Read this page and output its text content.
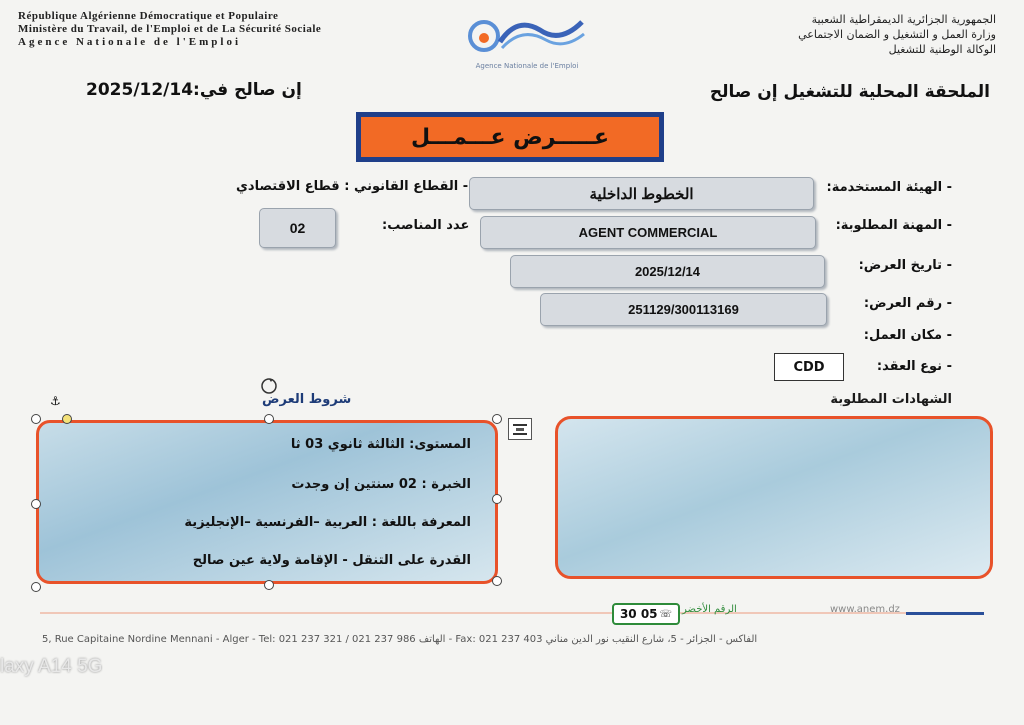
République Algérienne Démocratique et Populaire
Ministère du Travail, de l'Emploi et de La Sécurité Sociale
Agence Nationale de l'Emploi
Agence Nationale de l'Emploi
الجمهورية الجزائرية الديمقراطية الشعبية
وزارة العمل و التشغيل و الضمان الاجتماعي
الوكالة الوطنية للتشغيل
إن صالح في:2025/12/14	الملحقة المحلية للتشغيل إن صالح
عـــــرض عـــمـــل
- الهيئة المستخدمة:
الخطوط الداخلية
- القطاع القانوني : قطاع الاقتصادي
- المهنة المطلوبة:
AGENT COMMERCIAL
عدد المناصب:
02
- تاريخ العرض:
2025/12/14
- رقم العرض:
251129/300113169
- مكان العمل:
- نوع العقد:
CDD
شروط العرض	الشهادات المطلوبة
⚓
المستوى: الثالثة ثانوي 03 ثا
الخبرة : 02 سنتين إن وجدت
المعرفة باللغة : العربية –الفرنسية –الإنجليزية
القدرة على التنقل - الإقامة ولاية عين صالح
www.anem.dz
الرقم الأخضر
30 05 ☏
5, Rue Capitaine Nordine Mennani - Alger - Tel: 021 237 321 / 021 237 986 الهاتف - Fax: 021 237 403 الفاكس - الجزائر - 5، شارع النقيب نور الدين مناني
laxy A14 5G
